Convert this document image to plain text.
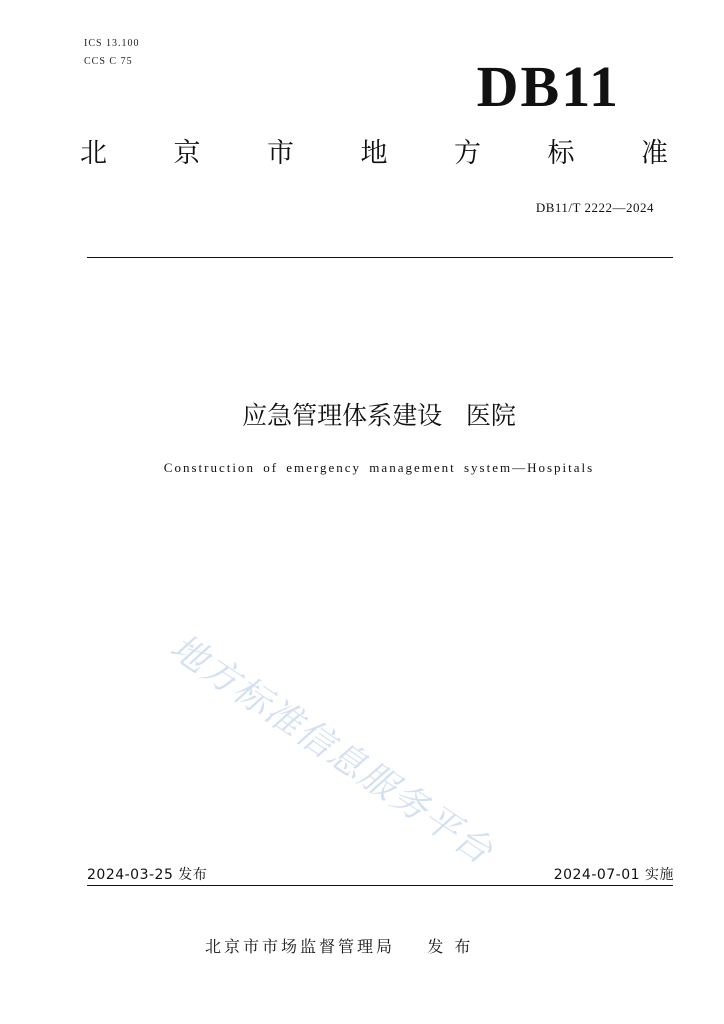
ICS 13.100
CCS C 75	DB11
北 京 市 地 方 标 准
DB11/T 2222—2024
应急管理体系建设   医院
Construction of emergency management system—Hospitals
地方标准信息服务平台
2024-03-25 发布	2024-07-01 实施
北京市市场监督管理局    发 布
